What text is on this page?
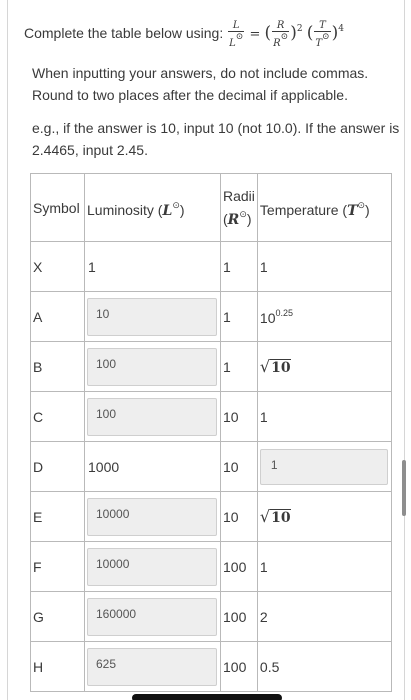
Complete the table below using: $\frac{L}{L⊙}$ = ( $\frac{R}{R⊙} )^2$ ( $\frac{T}{T⊙} )^4$
When inputting your answers, do not include commas. Round to two places after the decimal if applicable.
e.g., if the answer is 10, input 10 (not 10.0). If the answer is 2.4465, input 2.45.
Symbol	Luminosity (L⊙)	Radii (R⊙)	Temperature (T⊙)
X	1	1	1
A	10	1	$10^{0.25}$
B	100	1	√10
C	100	10	1
D	1000	10	1

E	10000	10	√10
F	10000	100	1
G	160000	100	2
H	625	100	0.5
